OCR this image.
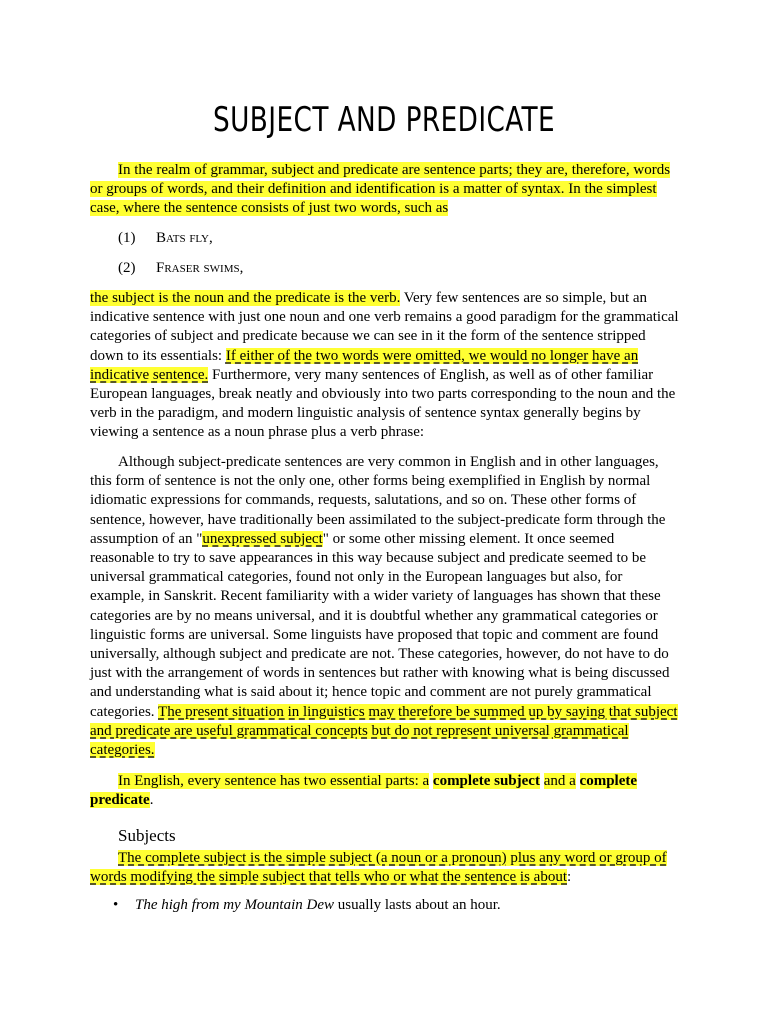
SUBJECT AND PREDICATE

In the realm of grammar, subject and predicate are sentence parts; they are, therefore, words or groups of words, and their definition and identification is a matter of syntax. In the simplest case, where the sentence consists of just two words, such as

(1) Bats fly,
(2) Fraser swims,

the subject is the noun and the predicate is the verb. Very few sentences are so simple, but an indicative sentence with just one noun and one verb remains a good paradigm for the grammatical categories of subject and predicate because we can see in it the form of the sentence stripped down to its essentials: If either of the two words were omitted, we would no longer have an indicative sentence. Furthermore, very many sentences of English, as well as of other familiar European languages, break neatly and obviously into two parts corresponding to the noun and the verb in the paradigm, and modern linguistic analysis of sentence syntax generally begins by viewing a sentence as a noun phrase plus a verb phrase:

Although subject-predicate sentences are very common in English and in other languages, this form of sentence is not the only one, other forms being exemplified in English by normal idiomatic expressions for commands, requests, salutations, and so on. These other forms of sentence, however, have traditionally been assimilated to the subject-predicate form through the assumption of an "unexpressed subject" or some other missing element. It once seemed reasonable to try to save appearances in this way because subject and predicate seemed to be universal grammatical categories, found not only in the European languages but also, for example, in Sanskrit. Recent familiarity with a wider variety of languages has shown that these categories are by no means universal, and it is doubtful whether any grammatical categories or linguistic forms are universal. Some linguists have proposed that topic and comment are found universally, although subject and predicate are not. These categories, however, do not have to do just with the arrangement of words in sentences but rather with knowing what is being discussed and understanding what is said about it; hence topic and comment are not purely grammatical categories. The present situation in linguistics may therefore be summed up by saying that subject and predicate are useful grammatical concepts but do not represent universal grammatical categories.

In English, every sentence has two essential parts: a complete subject and a complete predicate.

Subjects

The complete subject is the simple subject (a noun or a pronoun) plus any word or group of words modifying the simple subject that tells who or what the sentence is about:

• The high from my Mountain Dew usually lasts about an hour.
